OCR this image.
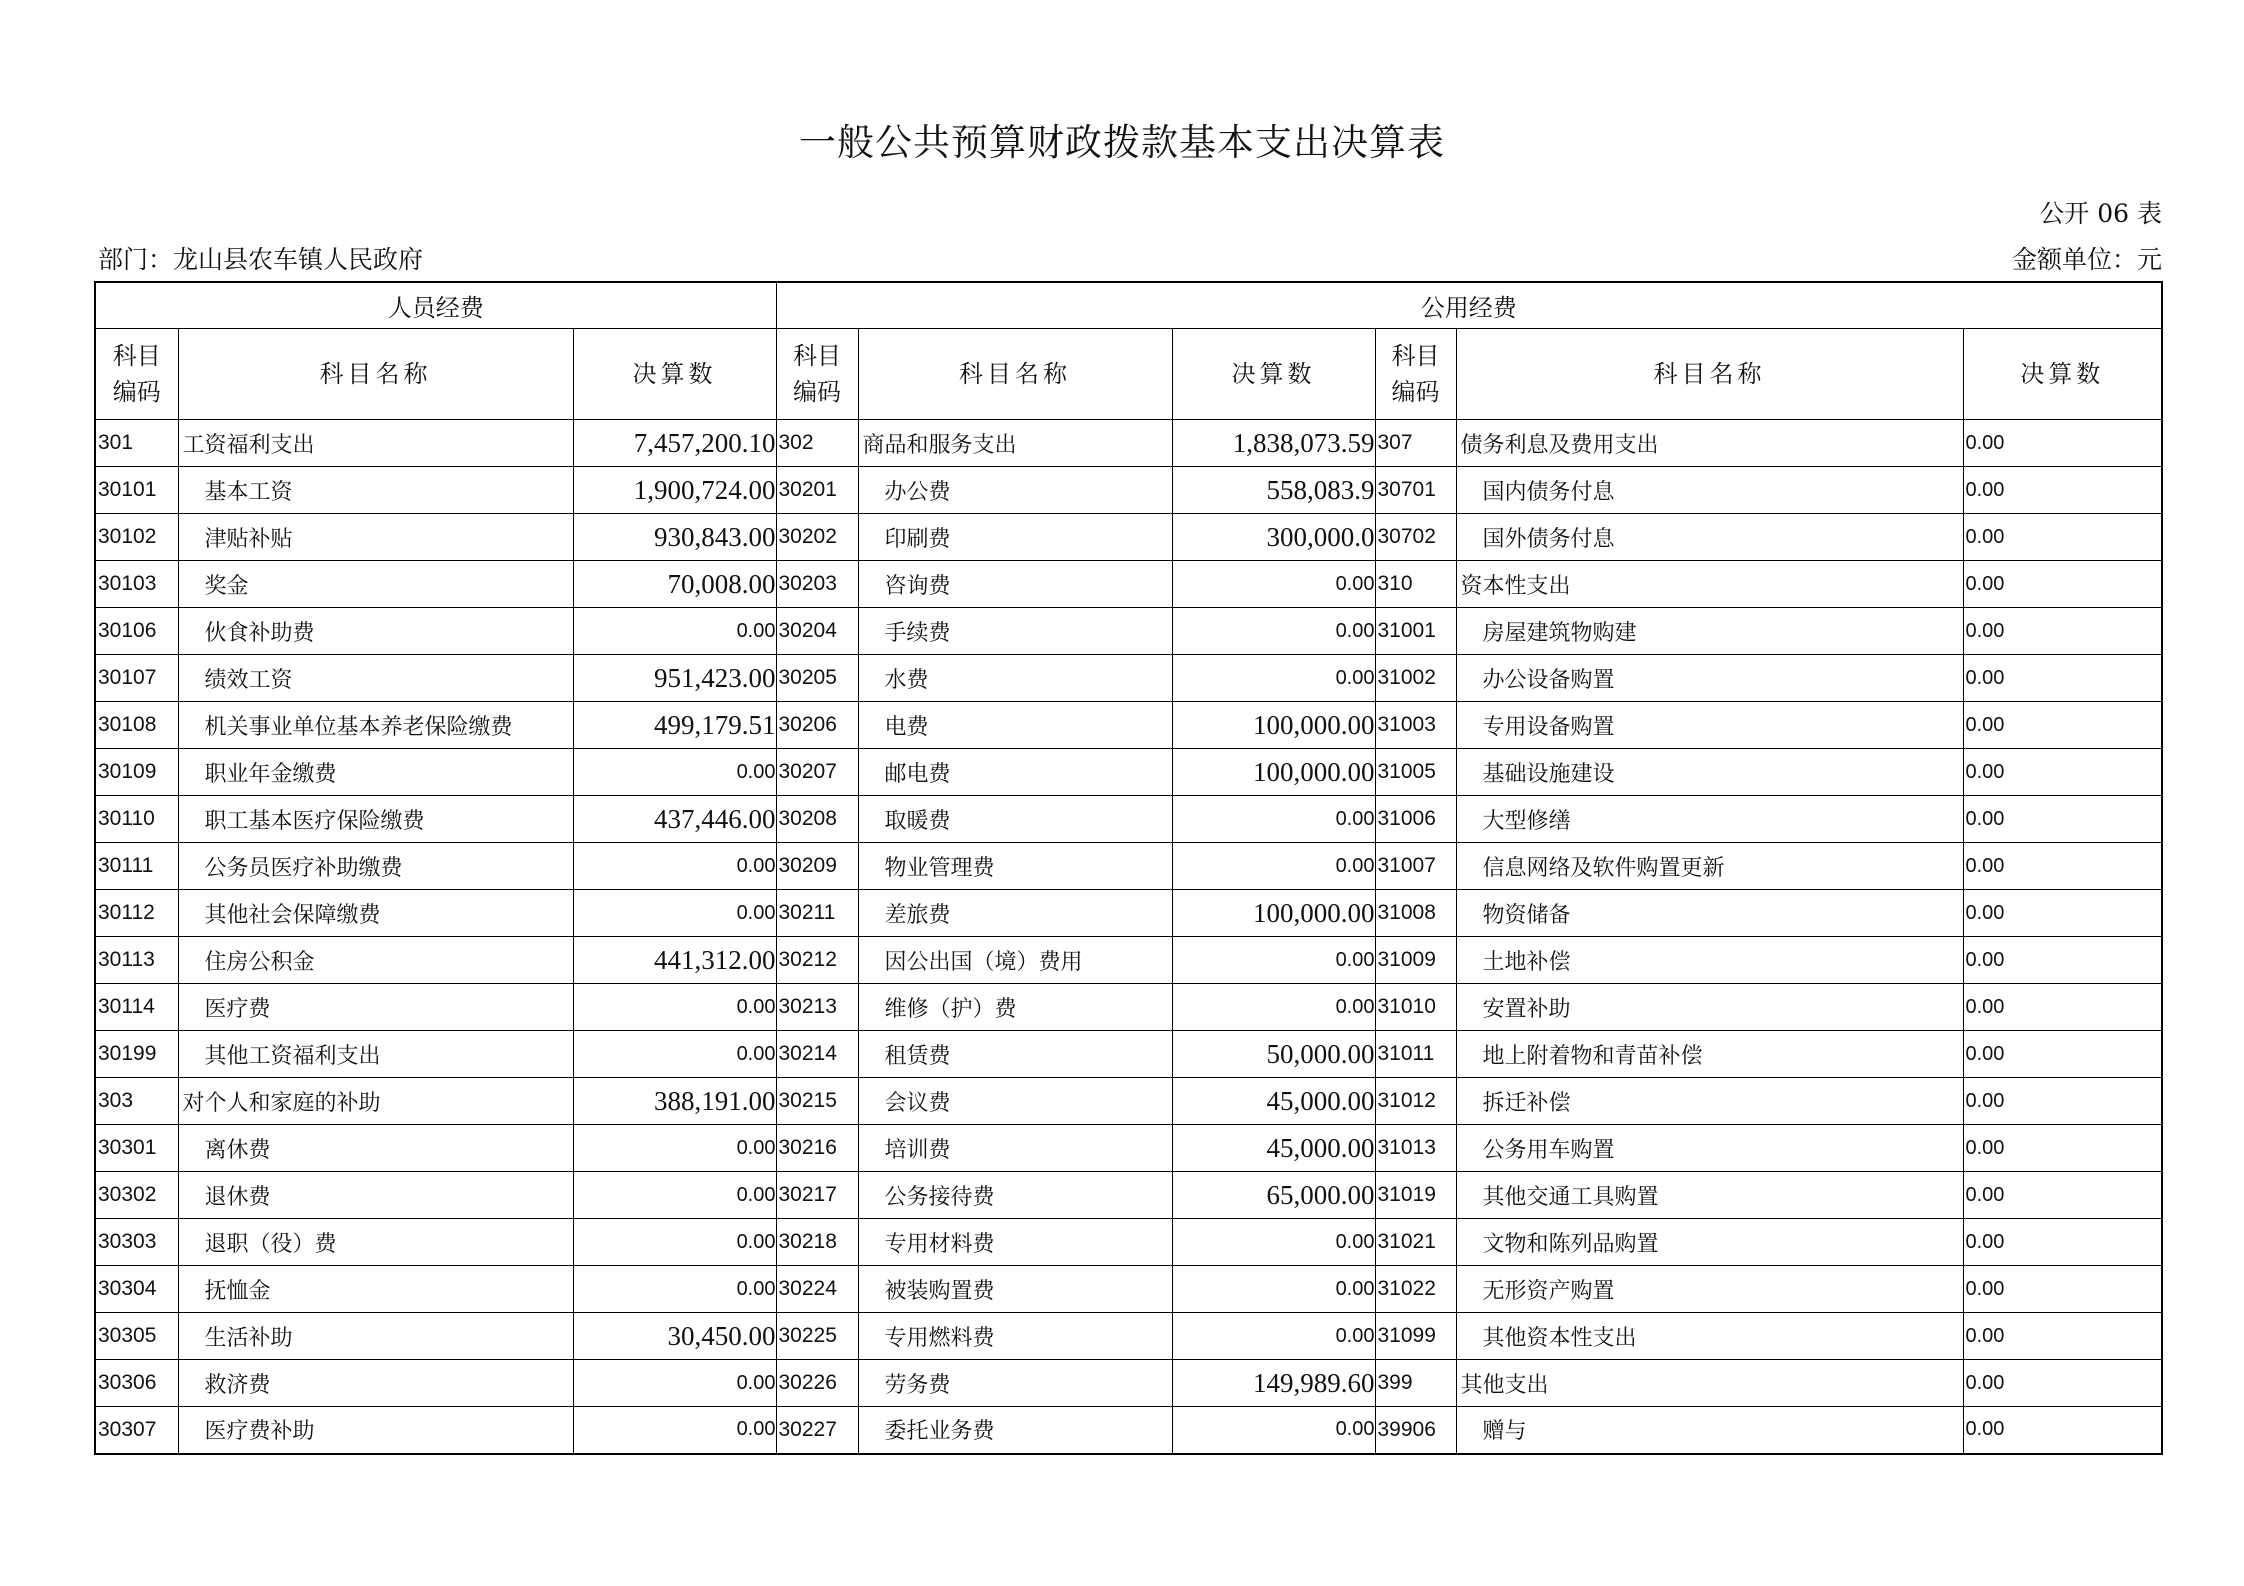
一般公共预算财政拨款基本支出决算表
公开 06 表
部门：龙山县农车镇人民政府	金额单位：元
人员经费			公用经费					
科目
编码	科目名称	决算数	科目
编码	科目名称	决算数	科目
编码	科目名称	决算数

301	工资福利支出	7,457,200.10	302	商品和服务支出	1,838,073.59	307	债务利息及费用支出	0.00

30101	基本工资	1,900,724.00	30201	办公费	558,083.9	30701	国内债务付息	0.00

30102	津贴补贴	930,843.00	30202	印刷费	300,000.0	30702	国外债务付息	0.00

30103	奖金	70,008.00	30203	咨询费	0.00	310	资本性支出	0.00

30106	伙食补助费	0.00	30204	手续费	0.00	31001	房屋建筑物购建	0.00

30107	绩效工资	951,423.00	30205	水费	0.00	31002	办公设备购置	0.00

30108	机关事业单位基本养老保险缴费	499,179.51	30206	电费	100,000.00	31003	专用设备购置	0.00

30109	职业年金缴费	0.00	30207	邮电费	100,000.00	31005	基础设施建设	0.00

30110	职工基本医疗保险缴费	437,446.00	30208	取暖费	0.00	31006	大型修缮	0.00

30111	公务员医疗补助缴费	0.00	30209	物业管理费	0.00	31007	信息网络及软件购置更新	0.00

30112	其他社会保障缴费	0.00	30211	差旅费	100,000.00	31008	物资储备	0.00

30113	住房公积金	441,312.00	30212	因公出国（境）费用	0.00	31009	土地补偿	0.00

30114	医疗费	0.00	30213	维修（护）费	0.00	31010	安置补助	0.00

30199	其他工资福利支出	0.00	30214	租赁费	50,000.00	31011	地上附着物和青苗补偿	0.00

303	对个人和家庭的补助	388,191.00	30215	会议费	45,000.00	31012	拆迁补偿	0.00

30301	离休费	0.00	30216	培训费	45,000.00	31013	公务用车购置	0.00

30302	退休费	0.00	30217	公务接待费	65,000.00	31019	其他交通工具购置	0.00

30303	退职（役）费	0.00	30218	专用材料费	0.00	31021	文物和陈列品购置	0.00

30304	抚恤金	0.00	30224	被装购置费	0.00	31022	无形资产购置	0.00

30305	生活补助	30,450.00	30225	专用燃料费	0.00	31099	其他资本性支出	0.00

30306	救济费	0.00	30226	劳务费	149,989.60	399	其他支出	0.00

30307	医疗费补助	0.00	30227	委托业务费	0.00	39906	赠与	0.00
